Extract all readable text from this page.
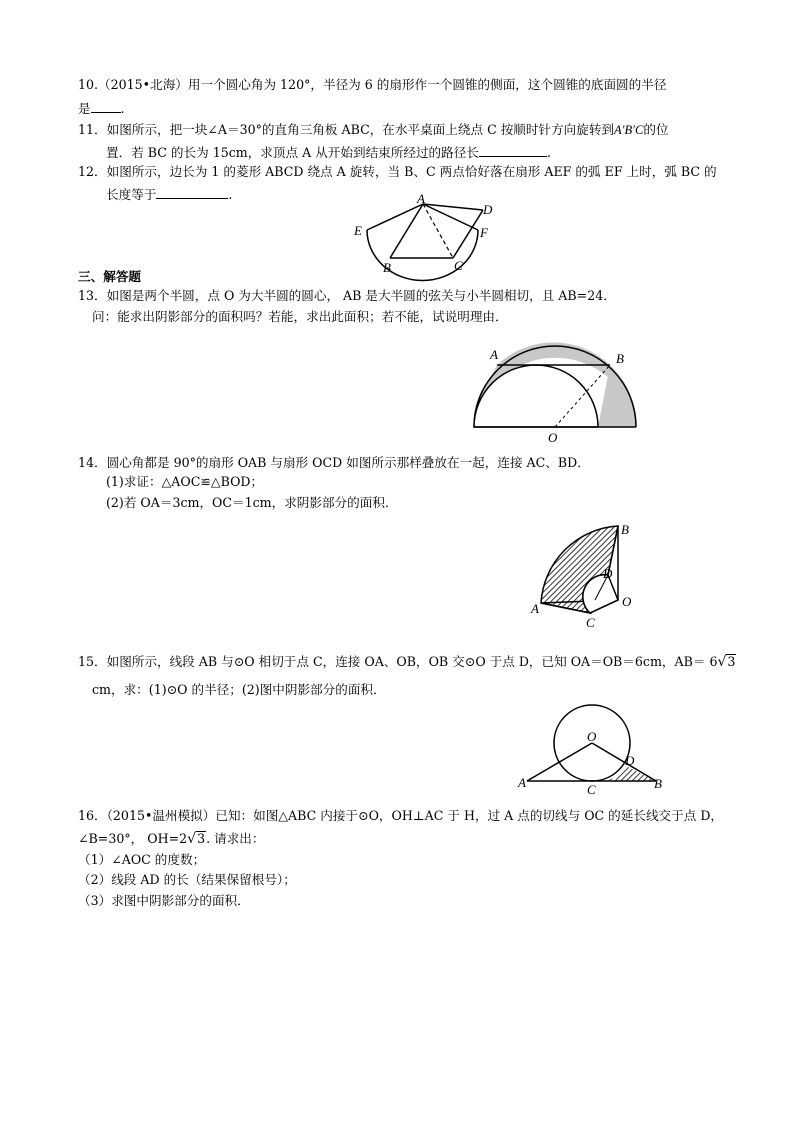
10.（2015•北海）用一个圆心角为 120°，半径为 6 的扇形作一个圆锥的侧面，这个圆锥的底面圆的半径
是 .
11．如图所示，把一块∠A＝30°的直角三角板 ABC，在水平桌面上绕点 C 按顺时针方向旋转到A′B′C的位
置．若 BC 的长为 15cm，求顶点 A 从开始到结束所经过的路径长	.
12．如图所示，边长为 1 的菱形 ABCD 绕点 A 旋转，当 B、C 两点恰好落在扇形 AEF 的弧 EF 上时，弧 BC 的
长度等于	.	A
D
E	F
B	C
三、解答题
13．如图是两个半圆，点 O 为大半圆的圆心， AB 是大半圆的弦关与小半圆相切，且 AB=24．
问：能求出阴影部分的面积吗？若能，求出此面积；若不能，试说明理由．
A	B
O
14．圆心角都是 90°的扇形 OAB 与扇形 OCD 如图所示那样叠放在一起，连接 AC、BD．
(1)求证：△AOC≌△BOD；
(2)若 OA＝3cm，OC＝1cm，求阴影部分的面积．
B
D
O
A
C
15．如图所示，线段 AB 与⊙O 相切于点 C，连接 OA、OB，OB 交⊙O 于点 D，已知 OA＝OB＝6cm，AB＝ 6√3
cm，求：(1)⊙O 的半径；(2)图中阴影部分的面积．
O
D
A	C	B
16．（2015•温州模拟）已知：如图△ABC 内接于⊙O，OH⊥AC 于 H，过 A 点的切线与 OC 的延长线交于点 D，
∠B=30°， OH=2√3. 请求出：
（1）∠AOC 的度数；
（2）线段 AD 的长（结果保留根号）；
（3）求图中阴影部分的面积．
